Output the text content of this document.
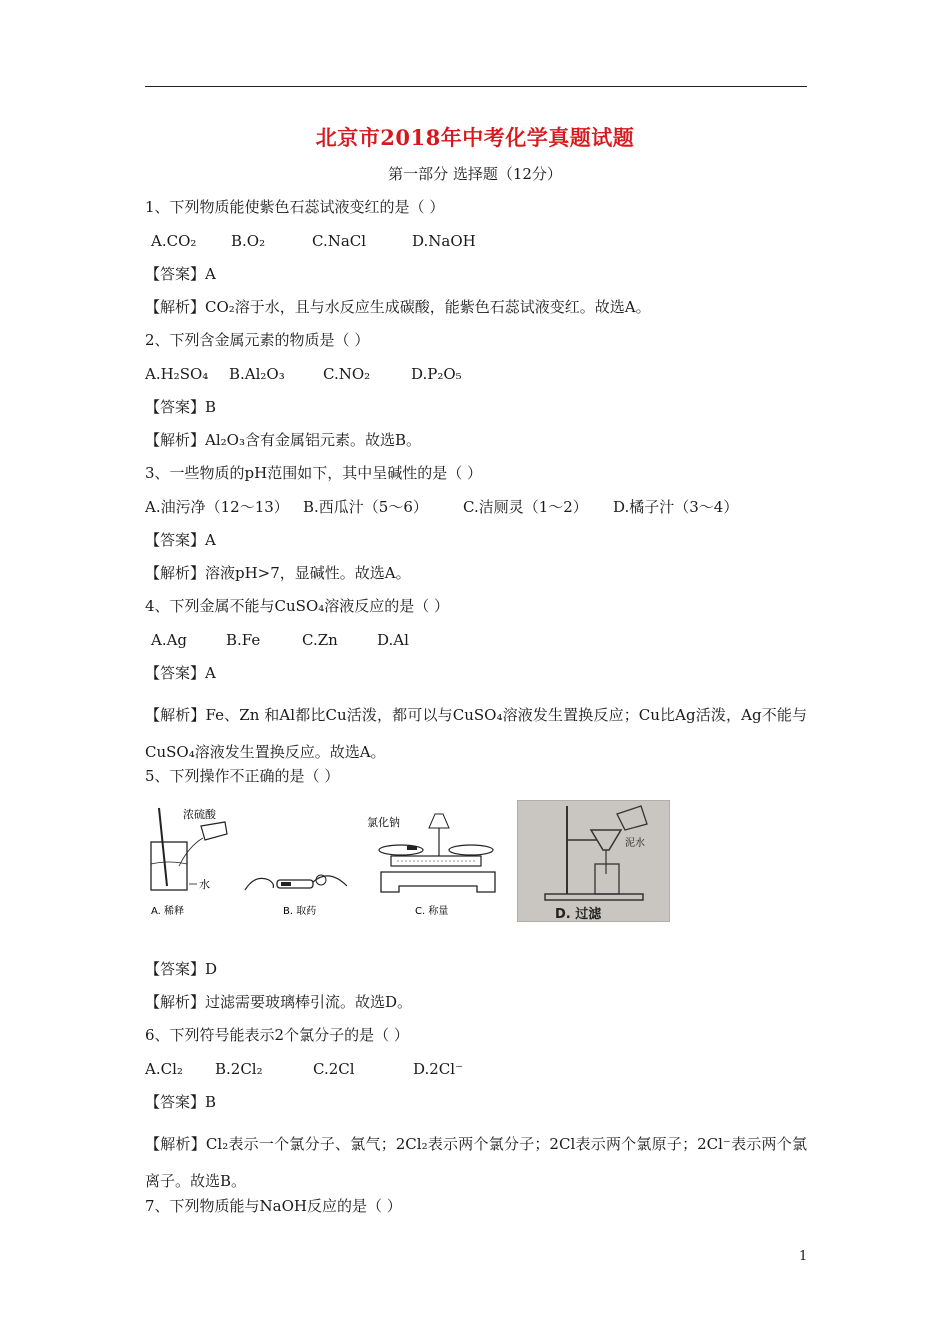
北京市2018年中考化学真题试题
第一部分 选择题（12分）
1、下列物质能使紫色石蕊试液变红的是（ ）
A.CO₂ B.O₂	C.NaCl	D.NaOH
【答案】A
【解析】CO₂溶于水，且与水反应生成碳酸，能紫色石蕊试液变红。故选A。
2、下列含金属元素的物质是（ ）
A.H₂SO₄ B.Al₂O₃	C.NO₂	D.P₂O₅
【答案】B
【解析】Al₂O₃含有金属铝元素。故选B。
3、一些物质的pH范围如下，其中呈碱性的是（ ）
A.油污净（12～13） B.西瓜汁（5～6） C.洁厕灵（1～2） D.橘子汁（3～4）
【答案】A
【解析】溶液pH>7，显碱性。故选A。
4、下列金属不能与CuSO₄溶液反应的是（ ）
A.Ag	B.Fe	C.Zn	D.Al
【答案】A
【解析】Fe、Zn 和Al都比Cu活泼，都可以与CuSO₄溶液发生置换反应；Cu比Ag活泼，Ag不能与CuSO₄溶液发生置换反应。故选A。
5、下列操作不正确的是（ ）
浓硫酸
水
A. 稀释	B. 取药
氯化钠
C. 称量
泥水
D. 过滤
【答案】D
【解析】过滤需要玻璃棒引流。故选D。
6、下列符号能表示2个氯分子的是（ ）
A.Cl₂ B.2Cl₂	C.2Cl	D.2Cl⁻
【答案】B
【解析】Cl₂表示一个氯分子、氯气；2Cl₂表示两个氯分子；2Cl表示两个氯原子；2Cl⁻表示两个氯离子。故选B。
7、下列物质能与NaOH反应的是（ ）
1
